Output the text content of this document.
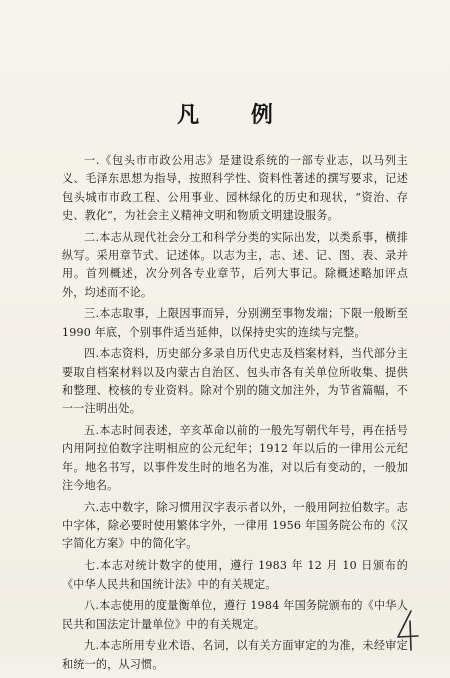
凡 例

一.《包头市市政公用志》是建设系统的一部专业志，以马列主义、毛泽东思想为指导，按照科学性、资料性著述的撰写要求，记述包头城市市政工程、公用事业、园林绿化的历史和现状，“资治、存史、教化”，为社会主义精神文明和物质文明建设服务。

二.本志从现代社会分工和科学分类的实际出发，以类系事，横排纵写。采用章节式、记述体。以志为主，志、述、记、图、表、录并用。首列概述，次分列各专业章节，后列大事记。除概述略加评点外，均述而不论。

三.本志取事，上限因事而异，分别溯至事物发端；下限一般断至 1990 年底，个别事件适当延伸，以保持史实的连续与完整。

四.本志资料，历史部分多录自历代史志及档案材料，当代部分主要取自档案材料以及内蒙古自治区、包头市各有关单位所收集、提供和整理、校核的专业资料。除对个别的随文加注外，为节省篇幅，不一一注明出处。

五.本志时间表述，辛亥革命以前的一般先写朝代年号，再在括号内用阿拉伯数字注明相应的公元纪年；1912 年以后的一律用公元纪年。地名书写，以事件发生时的地名为准，对以后有变动的，一般加注今地名。

六.志中数字，除习惯用汉字表示者以外，一般用阿拉伯数字。志中字体，除必要时使用繁体字外，一律用 1956 年国务院公布的《汉字简化方案》中的简化字。

七.本志对统计数字的使用，遵行 1983 年 12 月 10 日颁布的《中华人民共和国统计法》中的有关规定。

八.本志使用的度量衡单位，遵行 1984 年国务院颁布的《中华人民共和国法定计量单位》中的有关规定。

九.本志所用专业术语、名词，以有关方面审定的为准，未经审定和统一的，从习惯。
